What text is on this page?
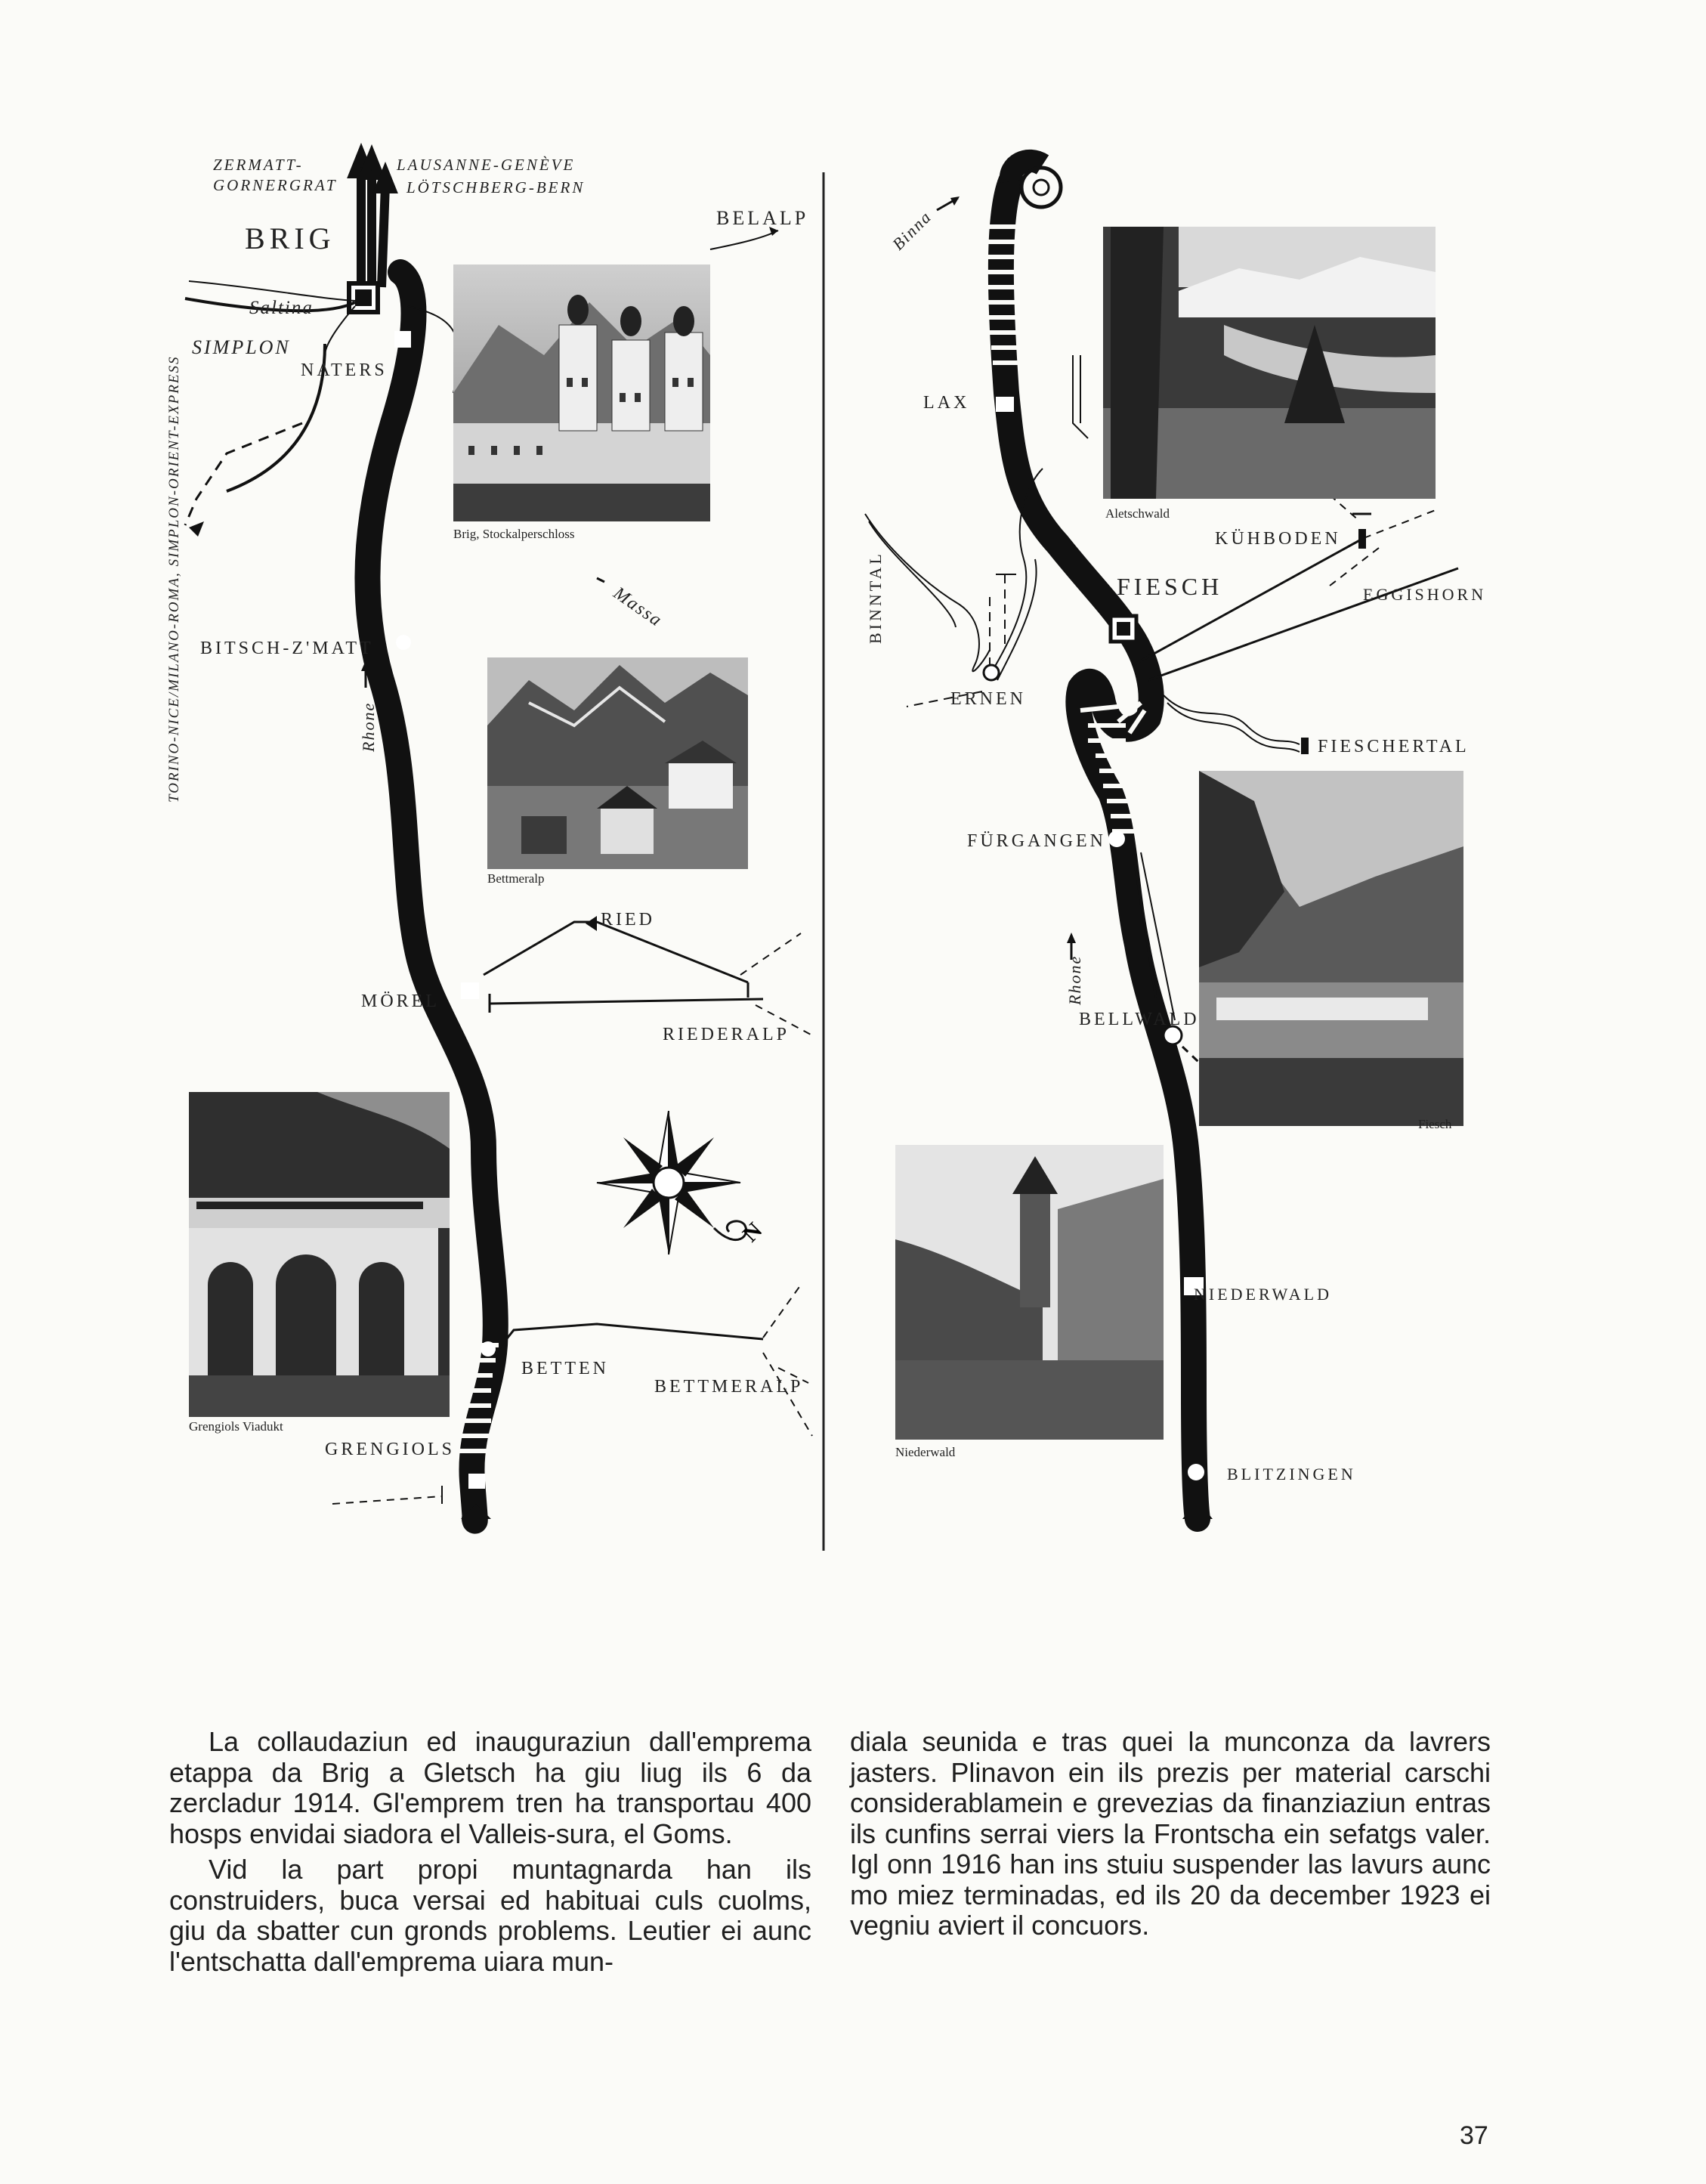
N
ZERMATT-
GORNERGRAT
LAUSANNE-GENÈVE
LÖTSCHBERG-BERN
BRIG
BELALP
Saltina
SIMPLON
NATERS
TORINO-NICE/MILANO-ROMA, SIMPLON-ORIENT-EXPRESS	Massa
BITSCH-Z'MATT
Rhone
RIED
MÖREL
RIEDERALP
BETTEN
BETTMERALP
GRENGIOLS
Binna
LAX
BINNTAL
KÜHBODEN
FIESCH	EGGISHORN
ERNEN
FIESCHERTAL
FÜRGANGEN
Rhone
BELLWALD
NIEDERWALD
BLITZINGEN
Brig, Stockalperschloss
Bettmeralp
Grengiols Viadukt
Aletschwald
Fiesch
Niederwald

La collaudaziun ed inauguraziun dall'emprema etappa da Brig a Gletsch ha giu liug ils 6 da zercladur 1914. Gl'emprem tren ha transportau 400 hosps envidai siadora el Valleis-sura, el Goms.

Vid la part propi muntagnarda han ils construiders, buca versai ed habituai culs cuolms, giu da sbatter cun gronds problems. Leutier ei aunc l'entschatta dall'emprema uiara mun-

diala seunida e tras quei la munconza da lavrers jasters. Plinavon ein ils prezis per material carschi considerablamein e grevezias da finanziaziun entras ils cunfins serrai viers la Frontscha ein sefatgs valer. Igl onn 1916 han ins stuiu suspender las lavurs aunc mo miez terminadas, ed ils 20 da december 1923 ei vegniu aviert il concuors.

37
